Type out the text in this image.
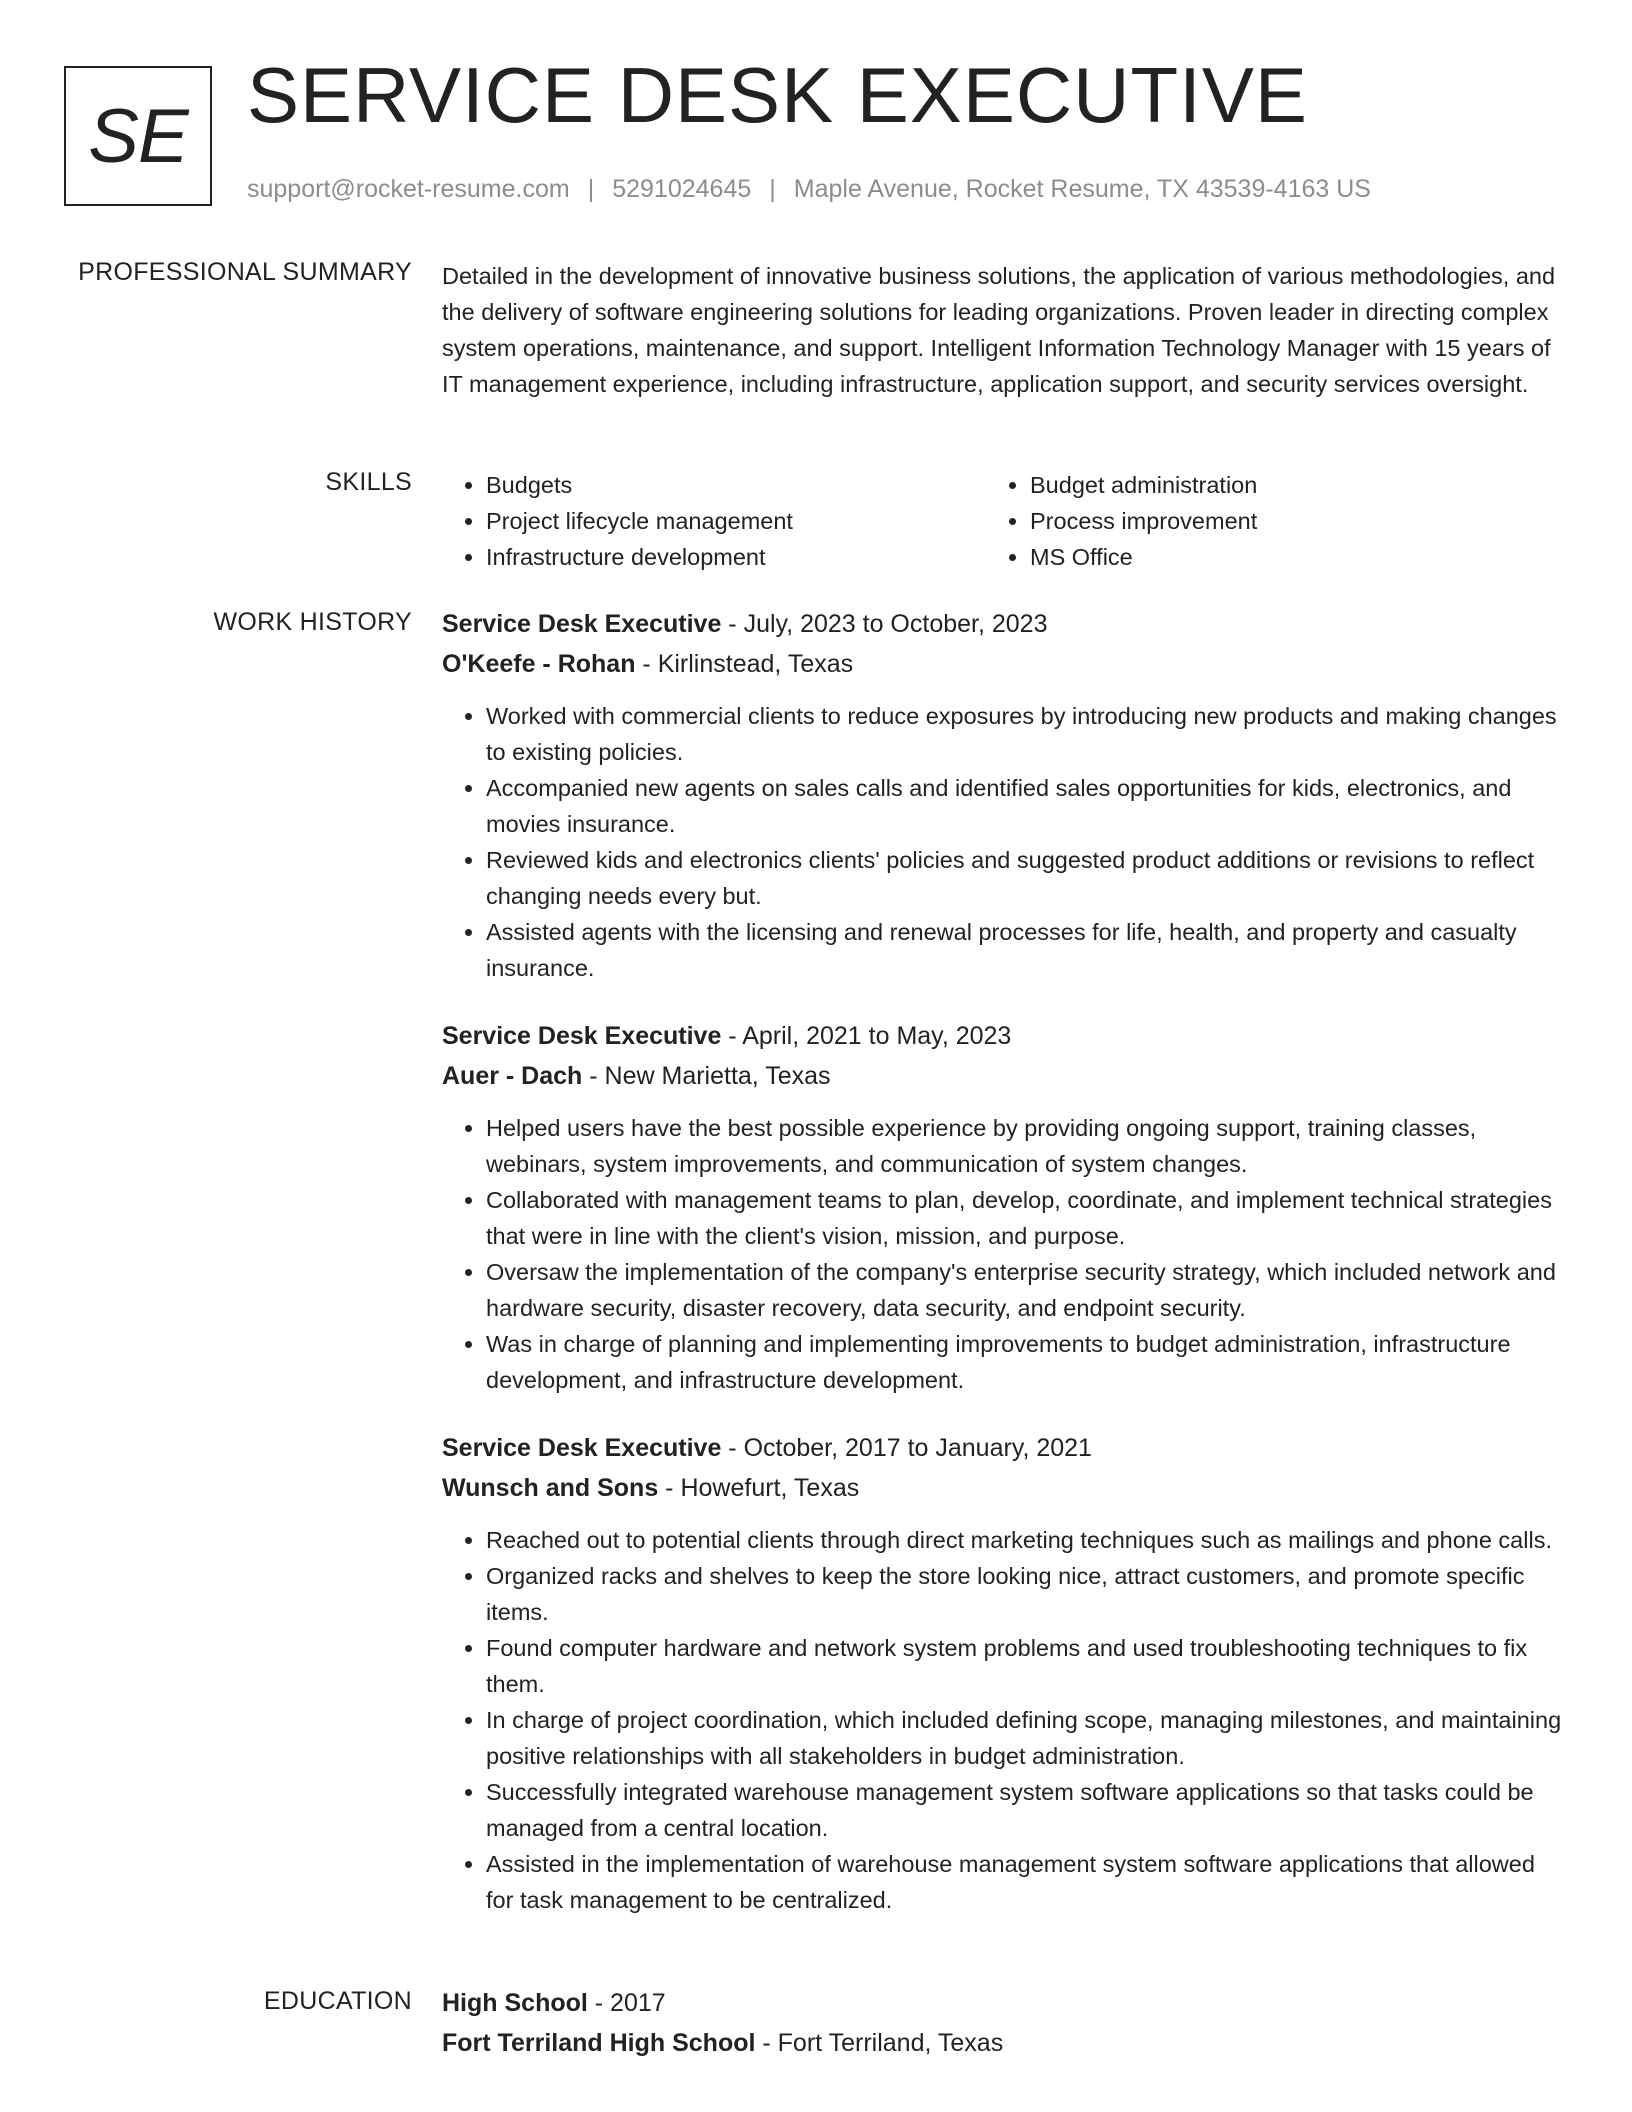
SE SERVICE DESK EXECUTIVE
support@rocket-resume.com | 5291024645 | Maple Avenue, Rocket Resume, TX 43539-4163 US
PROFESSIONAL SUMMARY Detailed in the development of innovative business solutions, the application of various methodologies, and the delivery of software engineering solutions for leading organizations. Proven leader in directing complex system operations, maintenance, and support. Intelligent Information Technology Manager with 15 years of IT management experience, including infrastructure, application support, and security services oversight.

SKILLS
•	Budgets
• Project lifecycle management
• Infrastructure development
• Budget administration
• Process improvement
• MS Office
WORK HISTORY Service Desk Executive - July, 2023 to October, 2023
O'Keefe - Rohan - Kirlinstead, Texas
• Worked with commercial clients to reduce exposures by introducing new products and making changes to existing policies.
• Accompanied new agents on sales calls and identified sales opportunities for kids, electronics, and movies insurance.
• Reviewed kids and electronics clients' policies and suggested product additions or revisions to reflect changing needs every but.
• Assisted agents with the licensing and renewal processes for life, health, and property and casualty insurance.
Service Desk Executive - April, 2021 to May, 2023
Auer - Dach - New Marietta, Texas
• Helped users have the best possible experience by providing ongoing support, training classes, webinars, system improvements, and communication of system changes.
• Collaborated with management teams to plan, develop, coordinate, and implement technical strategies that were in line with the client's vision, mission, and purpose.
• Oversaw the implementation of the company's enterprise security strategy, which included network and hardware security, disaster recovery, data security, and endpoint security.
• Was in charge of planning and implementing improvements to budget administration, infrastructure development, and infrastructure development.
Service Desk Executive - October, 2017 to January, 2021
Wunsch and Sons - Howefurt, Texas
• Reached out to potential clients through direct marketing techniques such as mailings and phone calls.
• Organized racks and shelves to keep the store looking nice, attract customers, and promote specific items.
• Found computer hardware and network system problems and used troubleshooting techniques to fix them.
• In charge of project coordination, which included defining scope, managing milestones, and maintaining positive relationships with all stakeholders in budget administration.
• Successfully integrated warehouse management system software applications so that tasks could be managed from a central location.
• Assisted in the implementation of warehouse management system software applications that allowed for task management to be centralized.
EDUCATION High School - 2017
Fort Terriland High School - Fort Terriland, Texas
